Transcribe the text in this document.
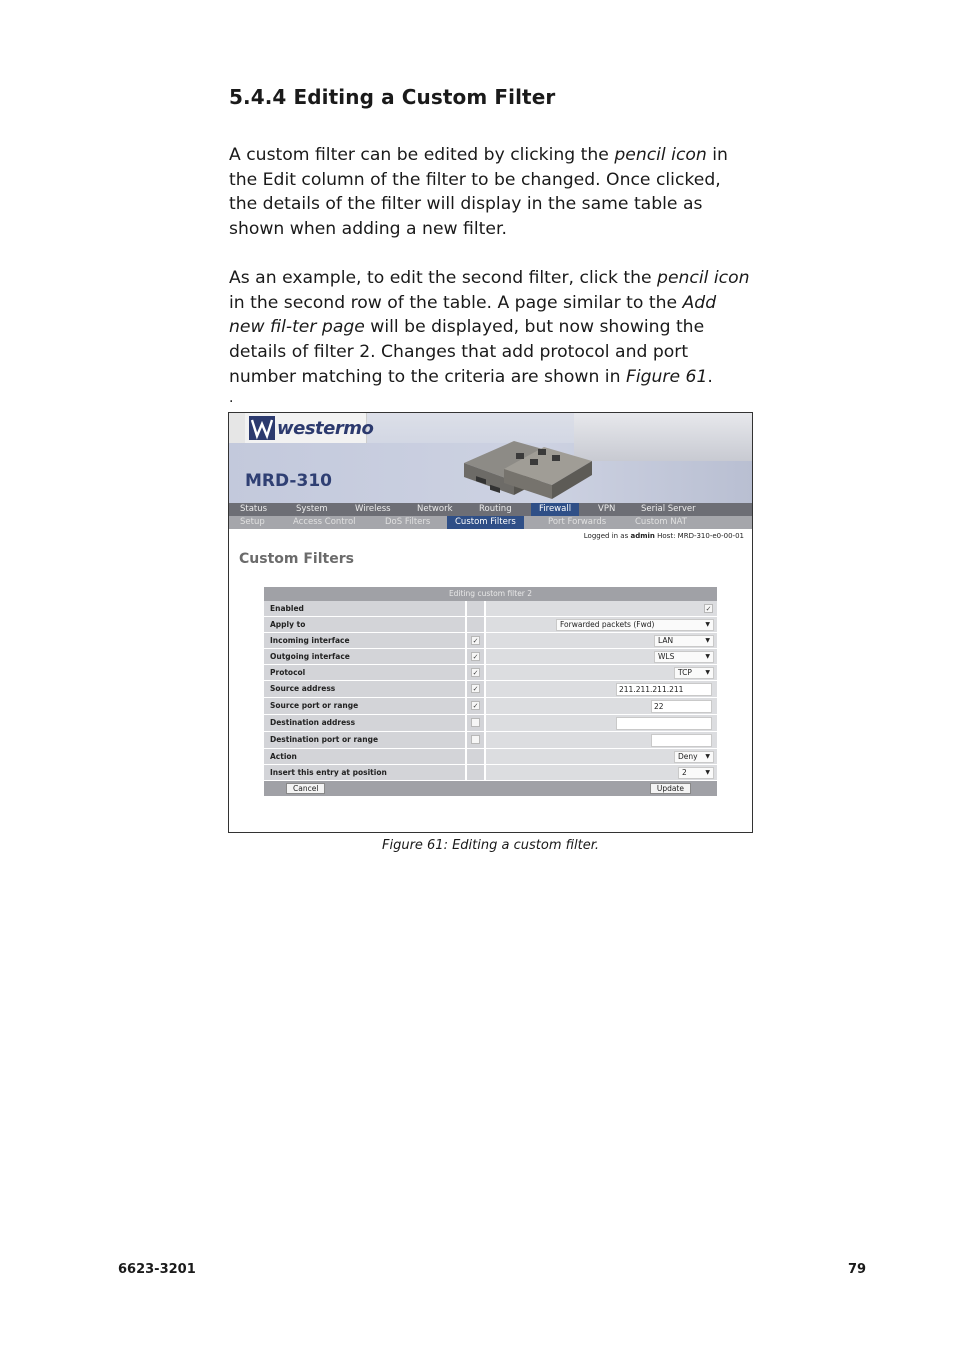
5.4.4 Editing a Custom Filter

A custom filter can be edited by clicking the pencil icon in the Edit column of the filter to be changed. Once clicked, the details of the filter will display in the same table as shown when adding a new filter.

As an example, to edit the second filter, click the pencil icon in the second row of the table. A page similar to the Add new fil-ter page will be displayed, but now showing the details of filter 2. Changes that add protocol and port number matching to the criteria are shown in Figure 61.

.
westermo
MRD-310
Status	System	Wireless	Network	Routing	Firewall	VPN	Serial Server
Setup	Access Control	DoS Filters	Custom Filters	Port Forwards	Custom NAT
Logged in as admin Host: MRD-310-e0-00-01
Custom Filters
Editing custom filter 2
Enabled	✓
Apply to	Forwarded packets (Fwd)	▼
Incoming interface	✓	LAN	▼
Outgoing interface	✓	WLS	▼
Protocol	✓	TCP ▼
Source address	✓	211.211.211.211
Source port or range	✓	22
Destination address
Destination port or range
Action	Deny ▼
Insert this entry at position	2	▼
Cancel	Update
Figure 61: Editing a custom filter.
6623-3201	79
